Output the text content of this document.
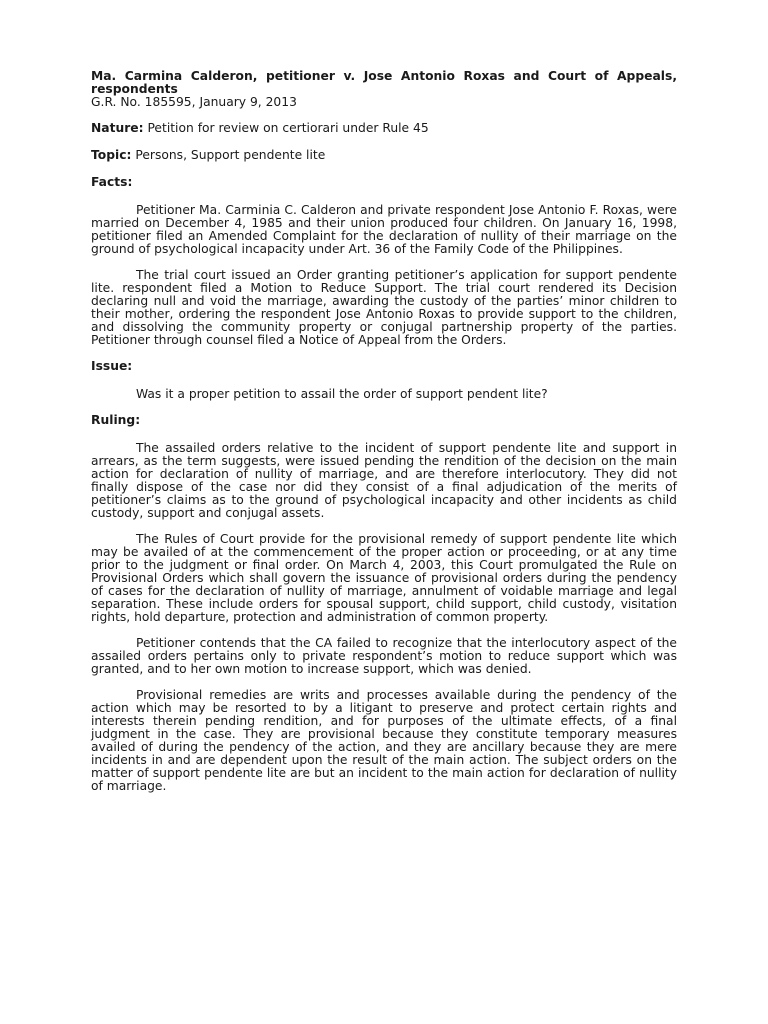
Ma. Carmina Calderon, petitioner v. Jose Antonio Roxas and Court of Appeals, respondents
G.R. No. 185595, January 9, 2013
Nature: Petition for review on certiorari under Rule 45
Topic: Persons, Support pendente lite
Facts:

Petitioner Ma. Carminia C. Calderon and private respondent Jose Antonio F. Roxas, were married on December 4, 1985 and their union produced four children. On January 16, 1998, petitioner filed an Amended Complaint for the declaration of nullity of their marriage on the ground of psychological incapacity under Art. 36 of the Family Code of the Philippines.

The trial court issued an Order granting petitioner’s application for support pendente lite. respondent filed a Motion to Reduce Support. The trial court rendered its Decision declaring null and void the marriage, awarding the custody of the parties’ minor children to their mother, ordering the respondent Jose Antonio Roxas to provide support to the children, and dissolving the community property or conjugal partnership property of the parties. Petitioner through counsel filed a Notice of Appeal from the Orders.

Issue:

Was it a proper petition to assail the order of support pendent lite?

Ruling:

The assailed orders relative to the incident of support pendente lite and support in arrears, as the term suggests, were issued pending the rendition of the decision on the main action for declaration of nullity of marriage, and are therefore interlocutory. They did not finally dispose of the case nor did they consist of a final adjudication of the merits of petitioner’s claims as to the ground of psychological incapacity and other incidents as child custody, support and conjugal assets.

The Rules of Court provide for the provisional remedy of support pendente lite which may be availed of at the commencement of the proper action or proceeding, or at any time prior to the judgment or final order. On March 4, 2003, this Court promulgated the Rule on Provisional Orders which shall govern the issuance of provisional orders during the pendency of cases for the declaration of nullity of marriage, annulment of voidable marriage and legal separation. These include orders for spousal support, child support, child custody, visitation rights, hold departure, protection and administration of common property.

Petitioner contends that the CA failed to recognize that the interlocutory aspect of the assailed orders pertains only to private respondent’s motion to reduce support which was granted, and to her own motion to increase support, which was denied.

Provisional remedies are writs and processes available during the pendency of the action which may be resorted to by a litigant to preserve and protect certain rights and interests therein pending rendition, and for purposes of the ultimate effects, of a final judgment in the case. They are provisional because they constitute temporary measures availed of during the pendency of the action, and they are ancillary because they are mere incidents in and are dependent upon the result of the main action. The subject orders on the matter of support pendente lite are but an incident to the main action for declaration of nullity of marriage.
